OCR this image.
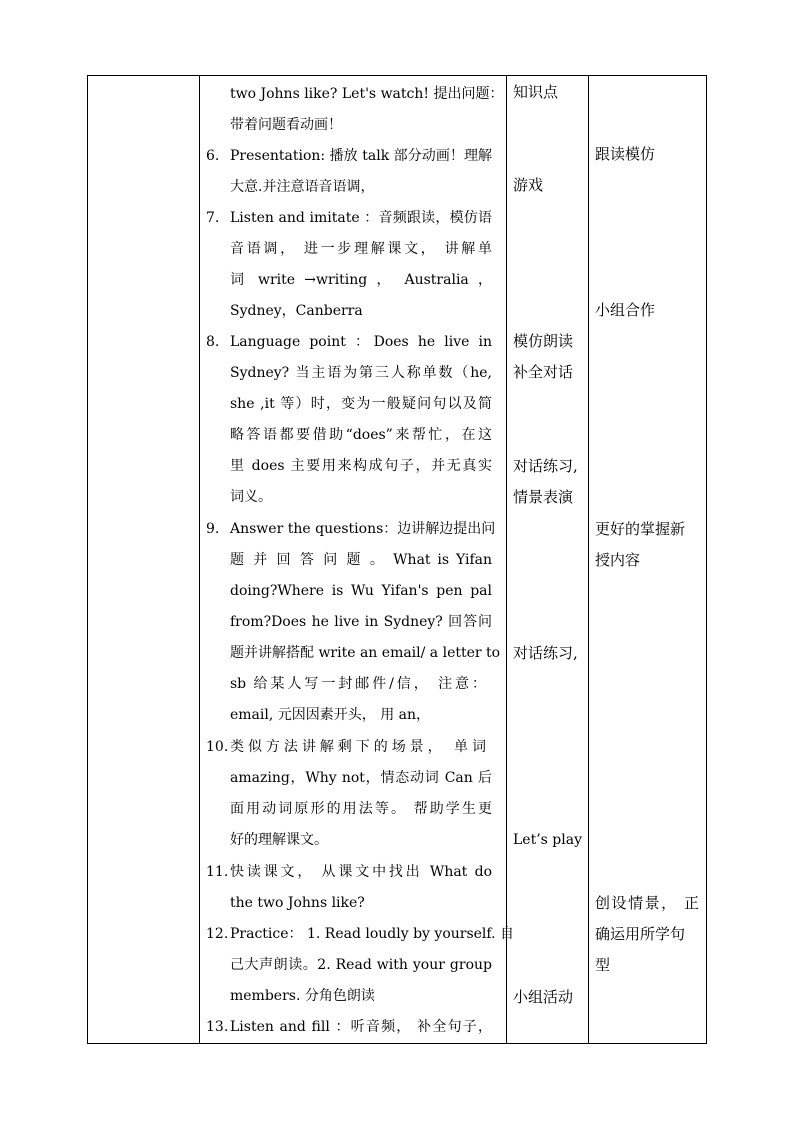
two Johns like? Let's watch! 提出问题：
带着问题看动画！
6. Presentation: 播放 talk 部分动画！理解
大意.并注意语音语调，
7. Listen and imitate ：音频跟读，模仿语
音语调， 进一步理解课文， 讲解单
词 write →writing ， Australia ，
Sydney，Canberra
8. Language point ：Does he live in
Sydney? 当主语为第三人称单数（he,
she ,it 等）时，变为一般疑问句以及简
略答语都要借助“does”来帮忙，在这
里 does 主要用来构成句子，并无真实
词义。
9. Answer the questions：边讲解边提出问
题 并 回 答 问 题 。 What is Yifan
doing?Where is Wu Yifan's pen pal
from?Does he live in Sydney? 回答问
题并讲解搭配 write an email/ a letter to
sb 给某人写一封邮件/信， 注意：
email, 元因因素开头， 用 an，
10. 类似方法讲解剩下的场景， 单词
amazing，Why not，情态动词 Can 后
面用动词原形的用法等。 帮助学生更
好的理解课文。
11. 快读课文， 从课文中找出 What do
the two Johns like?
12. Practice： 1. Read loudly by yourself. 自
己大声朗读。2. Read with your group
members. 分角色朗读
13. Listen and fill ：听音频， 补全句子，
知识点
游戏
模仿朗读
补全对话
对话练习,
情景表演
对话练习,
Let’s play
小组活动
跟读模仿
小组合作
更好的掌握新
授内容
创设情景， 正
确运用所学句
型
